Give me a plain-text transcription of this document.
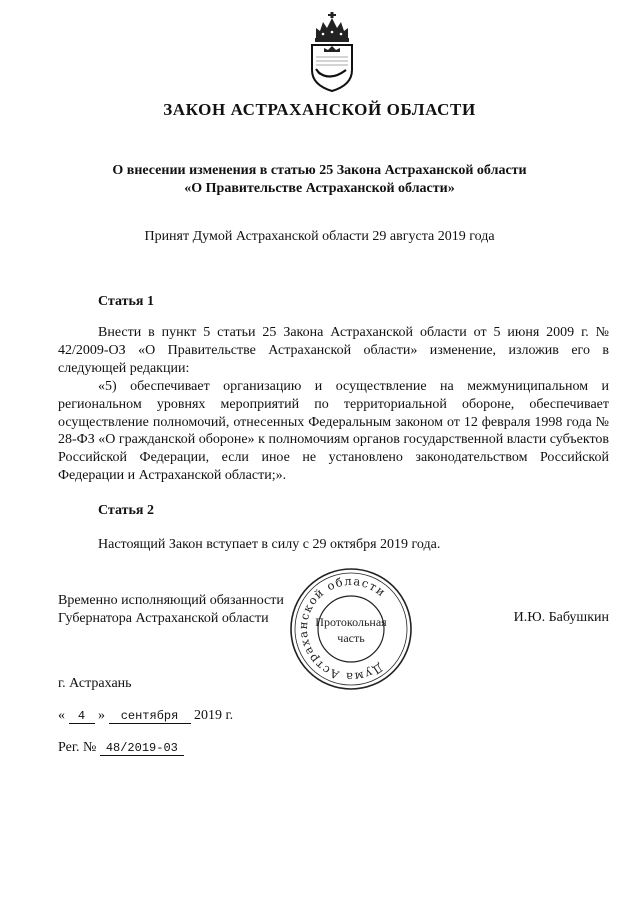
ЗАКОН АСТРАХАНСКОЙ ОБЛАСТИ
О внесении изменения в статью 25 Закона Астраханской области
«О Правительстве Астраханской области»
Принят Думой Астраханской области 29 августа 2019 года
Статья 1
Внести в пункт 5 статьи 25 Закона Астраханской области от 5 июня 2009 г. № 42/2009-ОЗ «О Правительстве Астраханской области» изменение, изложив его в следующей редакции:
«5) обеспечивает организацию и осуществление на межмуниципальном и региональном уровнях мероприятий по территориальной обороне, обеспечивает осуществление полномочий, отнесенных Федеральным законом от 12 февраля 1998 года № 28-ФЗ «О гражданской обороне» к полномочиям органов государственной власти субъектов Российской Федерации, если иное не установлено законодательством Российской Федерации и Астраханской области;».
Статья 2
Настоящий Закон вступает в силу с 29 октября 2019 года.
Временно исполняющий обязанности
Губернатора Астраханской области	И.Ю. Бабушкин
Дума Астраханской области
Протокольная
часть
г. Астрахань
« 4 » сентября 2019 г.
Рег. № 48/2019-03
